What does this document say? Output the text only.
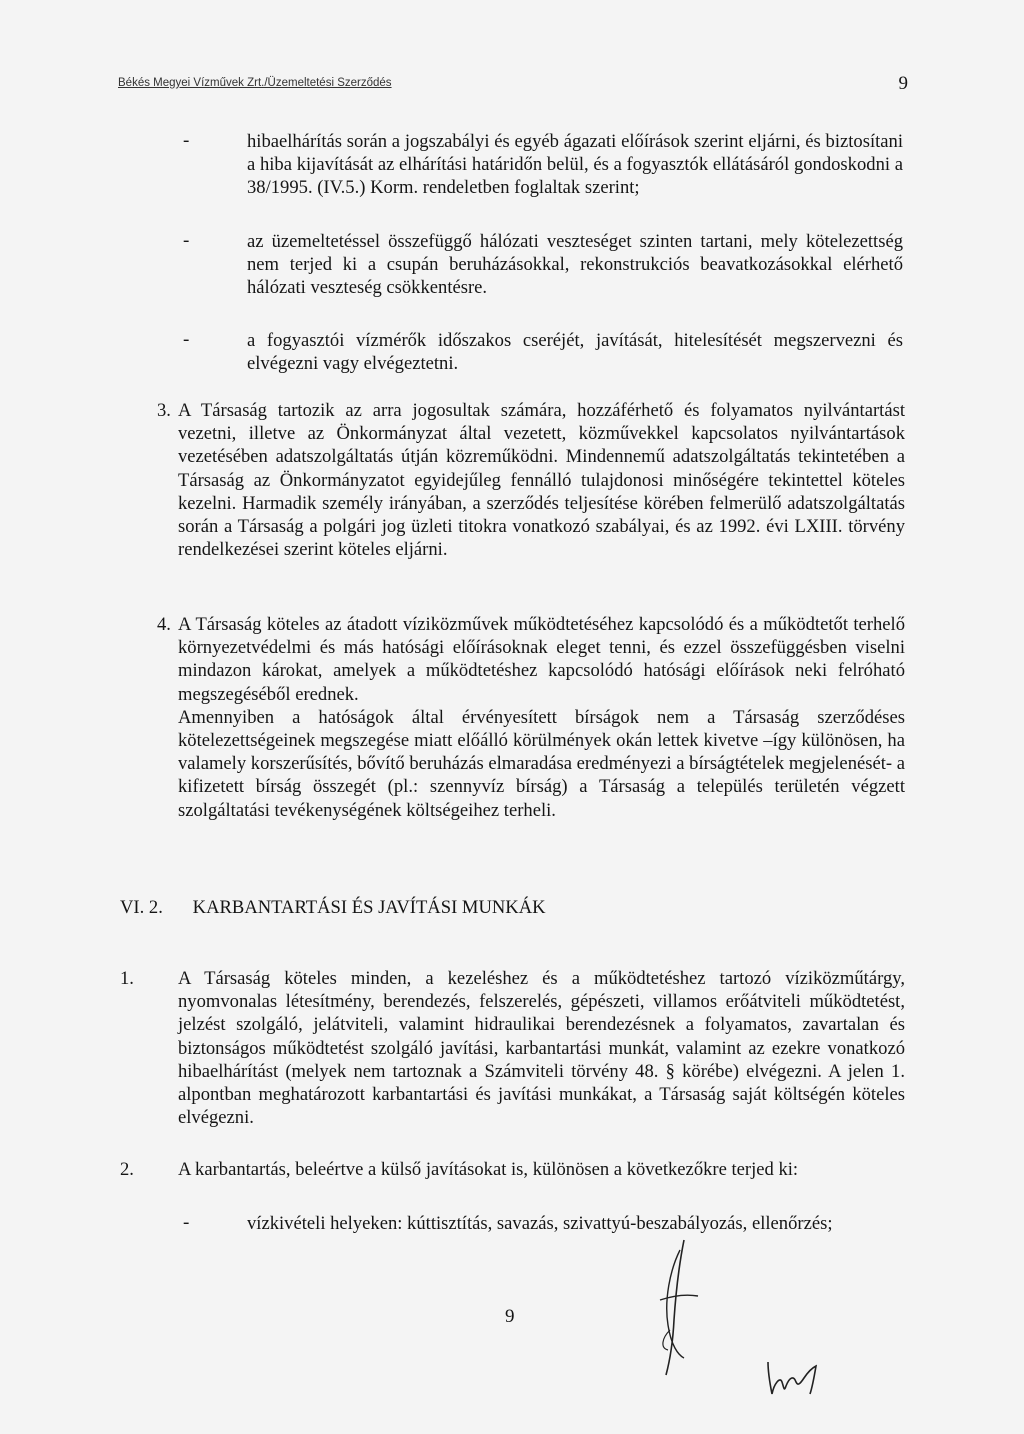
Békés Megyei Vízművek Zrt./Üzemeltetési Szerződés	9
-	hibaelhárítás során a jogszabályi és egyéb ágazati előírások szerint eljárni, és biztosítani a hiba kijavítását az elhárítási határidőn belül, és a fogyasztók ellátásáról gondoskodni a 38/1995. (IV.5.) Korm. rendeletben foglaltak szerint;
-	az üzemeltetéssel összefüggő hálózati veszteséget szinten tartani, mely kötelezettség nem terjed ki a csupán beruházásokkal, rekonstrukciós beavatkozásokkal elérhető hálózati veszteség csökkentésre.
-	a fogyasztói vízmérők időszakos cseréjét, javítását, hitelesítését megszervezni és elvégezni vagy elvégeztetni.
3. A Társaság tartozik az arra jogosultak számára, hozzáférhető és folyamatos nyilvántartást vezetni, illetve az Önkormányzat által vezetett, közművekkel kapcsolatos nyilvántartások vezetésében adatszolgáltatás útján közreműködni. Mindennemű adatszolgáltatás tekintetében a Társaság az Önkormányzatot egyidejűleg fennálló tulajdonosi minőségére tekintettel köteles kezelni. Harmadik személy irányában, a szerződés teljesítése körében felmerülő adatszolgáltatás során a Társaság a polgári jog üzleti titokra vonatkozó szabályai, és az 1992. évi LXIII. törvény rendelkezései szerint köteles eljárni.
4. A Társaság köteles az átadott víziközművek működtetéséhez kapcsolódó és a működtetőt terhelő környezetvédelmi és más hatósági előírásoknak eleget tenni, és ezzel összefüggésben viselni mindazon károkat, amelyek a működtetéshez kapcsolódó hatósági előírások neki felróható megszegéséből erednek.
Amennyiben a hatóságok által érvényesített bírságok nem a Társaság szerződéses kötelezettségeinek megszegése miatt előálló körülmények okán lettek kivetve –így különösen, ha valamely korszerűsítés, bővítő beruházás elmaradása eredményezi a bírságtételek megjelenését- a kifizetett bírság összegét (pl.: szennyvíz bírság) a Társaság a település területén végzett szolgáltatási tevékenységének költségeihez terheli.
VI. 2. KARBANTARTÁSI ÉS JAVÍTÁSI MUNKÁK
1. A Társaság köteles minden, a kezeléshez és a működtetéshez tartozó víziközműtárgy, nyomvonalas létesítmény, berendezés, felszerelés, gépészeti, villamos erőátviteli működtetést, jelzést szolgáló, jelátviteli, valamint hidraulikai berendezésnek a folyamatos, zavartalan és biztonságos működtetést szolgáló javítási, karbantartási munkát, valamint az ezekre vonatkozó hibaelhárítást (melyek nem tartoznak a Számviteli törvény 48. § körébe) elvégezni. A jelen 1. alpontban meghatározott karbantartási és javítási munkákat, a Társaság saját költségén köteles elvégezni.
2. A karbantartás, beleértve a külső javításokat is, különösen a következőkre terjed ki:
-	vízkivételi helyeken: kúttisztítás, savazás, szivattyú-beszabályozás, ellenőrzés;
9
